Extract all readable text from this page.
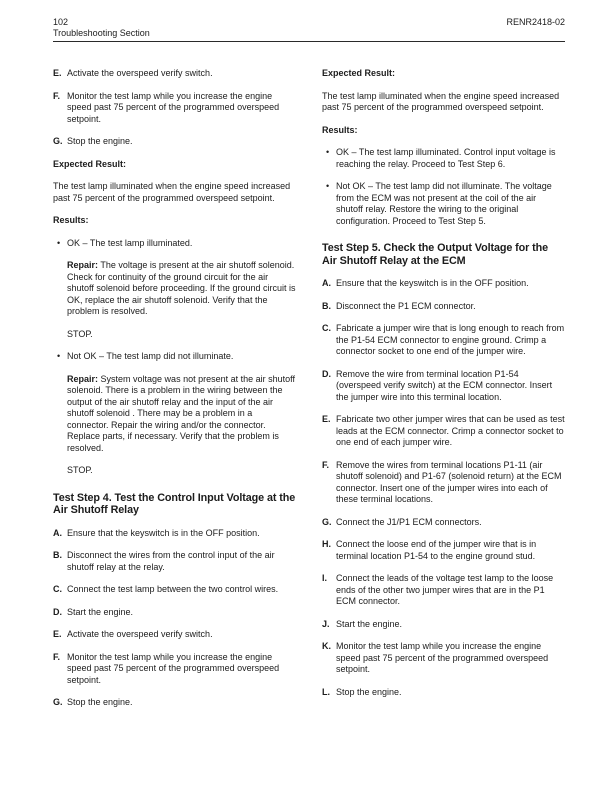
102
Troubleshooting Section
RENR2418-02
E. Activate the overspeed verify switch.
F. Monitor the test lamp while you increase the engine speed past 75 percent of the programmed overspeed setpoint.
G. Stop the engine.
Expected Result:
The test lamp illuminated when the engine speed increased past 75 percent of the programmed overspeed setpoint.
Results:
• OK – The test lamp illuminated.
Repair: The voltage is present at the air shutoff solenoid. Check for continuity of the ground circuit for the air shutoff solenoid before proceeding. If the ground circuit is OK, replace the air shutoff solenoid. Verify that the problem is resolved.
STOP.
• Not OK – The test lamp did not illuminate.
Repair: System voltage was not present at the air shutoff solenoid. There is a problem in the wiring between the output of the air shutoff relay and the input of the air shutoff solenoid . There may be a problem in a connector. Repair the wiring and/or the connector. Replace parts, if necessary. Verify that the problem is resolved.
STOP.
Test Step 4. Test the Control Input Voltage at the Air Shutoff Relay
A. Ensure that the keyswitch is in the OFF position.
B. Disconnect the wires from the control input of the air shutoff relay at the relay.
C. Connect the test lamp between the two control wires.
D. Start the engine.
E. Activate the overspeed verify switch.
F. Monitor the test lamp while you increase the engine speed past 75 percent of the programmed overspeed setpoint.
G. Stop the engine.
Expected Result:
The test lamp illuminated when the engine speed increased past 75 percent of the programmed overspeed setpoint.
Results:
• OK – The test lamp illuminated. Control input voltage is reaching the relay. Proceed to Test Step 6.
• Not OK – The test lamp did not illuminate. The voltage from the ECM was not present at the coil of the air shutoff relay. Restore the wiring to the original configuration. Proceed to Test Step 5.
Test Step 5. Check the Output Voltage for the Air Shutoff Relay at the ECM
A. Ensure that the keyswitch is in the OFF position.
B. Disconnect the P1 ECM connector.
C. Fabricate a jumper wire that is long enough to reach from the P1-54 ECM connector to engine ground. Crimp a connector socket to one end of the jumper wire.
D. Remove the wire from terminal location P1-54 (overspeed verify switch) at the ECM connector. Insert the jumper wire into this terminal location.
E. Fabricate two other jumper wires that can be used as test leads at the ECM connector. Crimp a connector socket to one end of each jumper wire.
F. Remove the wires from terminal locations P1-11 (air shutoff solenoid) and P1-67 (solenoid return) at the ECM connector. Insert one of the jumper wires into each of these terminal locations.
G. Connect the J1/P1 ECM connectors.
H. Connect the loose end of the jumper wire that is in terminal location P1-54 to the engine ground stud.
I. Connect the leads of the voltage test lamp to the loose ends of the other two jumper wires that are in the P1 ECM connector.
J. Start the engine.
K. Monitor the test lamp while you increase the engine speed past 75 percent of the programmed overspeed setpoint.
L. Stop the engine.
